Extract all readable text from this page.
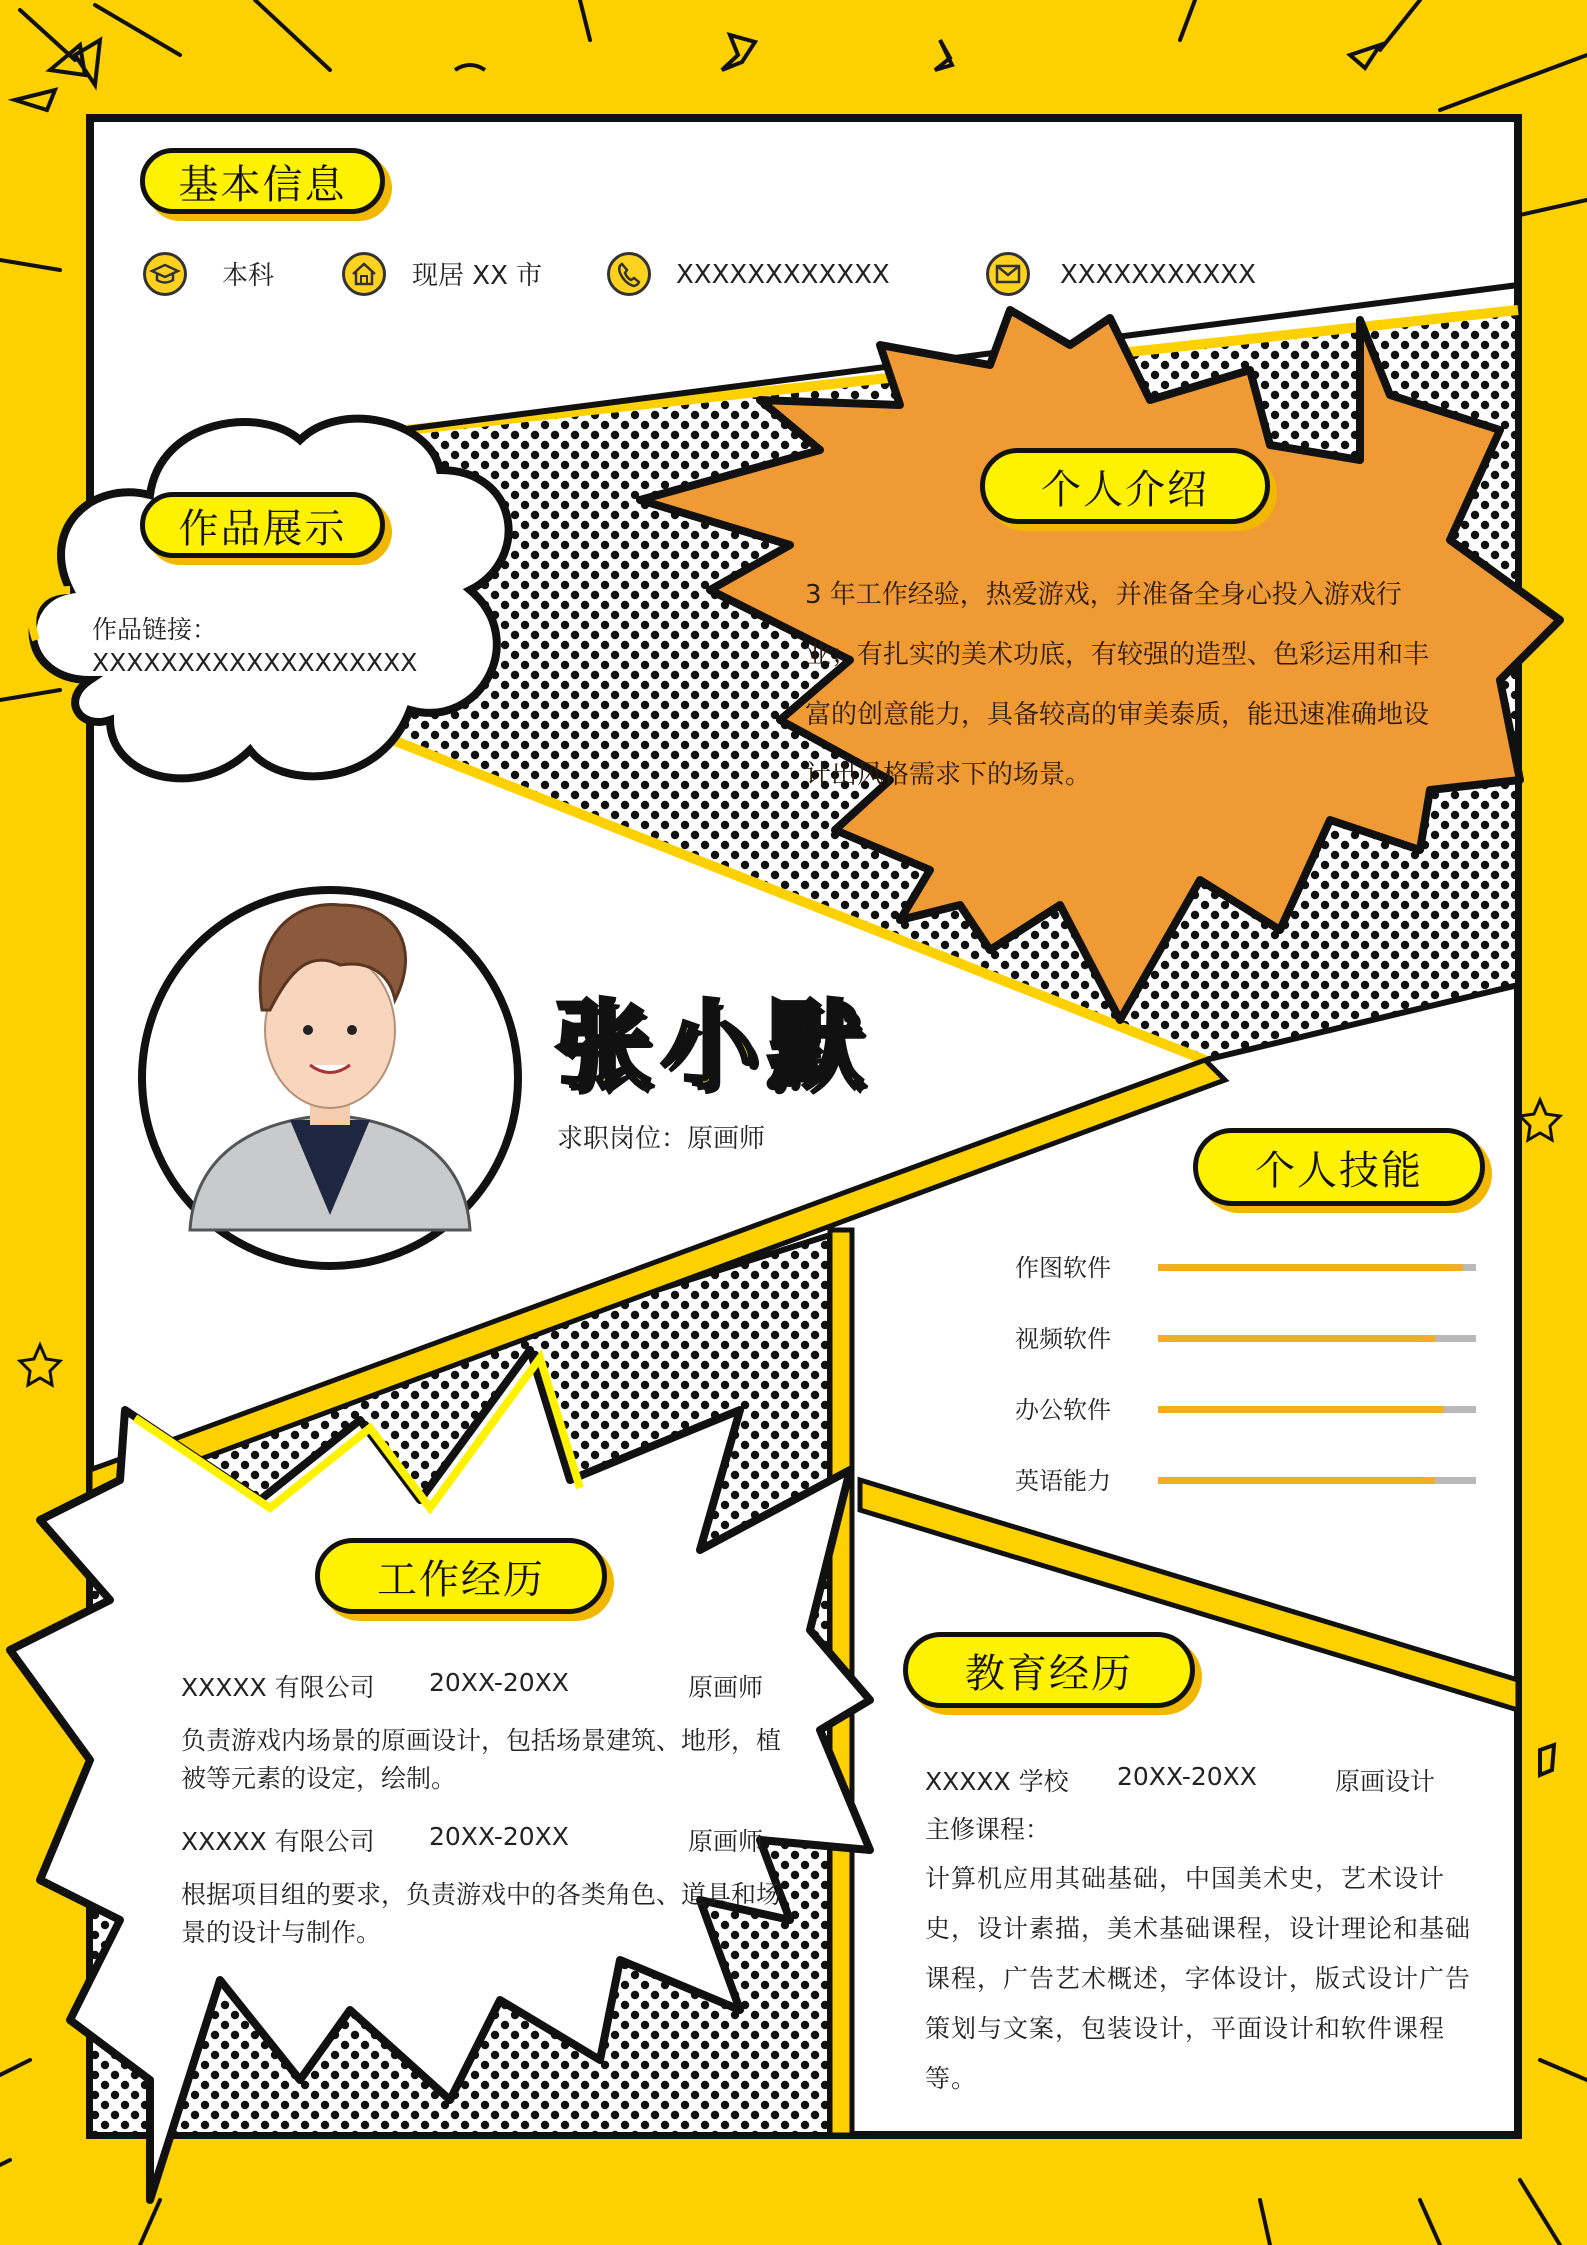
基本信息
本科	现居 XX 市	XXXXXXXXXXXX	XXXXXXXXXXX
作品展示
作品链接：
XXXXXXXXXXXXXXXXXXX
个人介绍
3 年工作经验，热爱游戏，并准备全身心投入游戏行业；有扎实的美术功底，有较强的造型、色彩运用和丰富的创意能力，具备较高的审美泰质，能迅速准确地设计出风格需求下的场景。
张小默
求职岗位：原画师
个人技能
作图软件
视频软件
办公软件
英语能力
工作经历
XXXXX 有限公司 20XX-20XX	原画师
负责游戏内场景的原画设计，包括场景建筑、地形，植被等元素的设定，绘制。
XXXXX 有限公司 20XX-20XX	原画师
根据项目组的要求，负责游戏中的各类角色、道具和场景的设计与制作。
教育经历
XXXXX 学校 20XX-20XX	原画设计
主修课程：
计算机应用其础基础，中国美术史，艺术设计史，设计素描，美术基础课程，设计理论和基础课程，广告艺术概述，字体设计，版式设计广告策划与文案，包装设计，平面设计和软件课程等。
